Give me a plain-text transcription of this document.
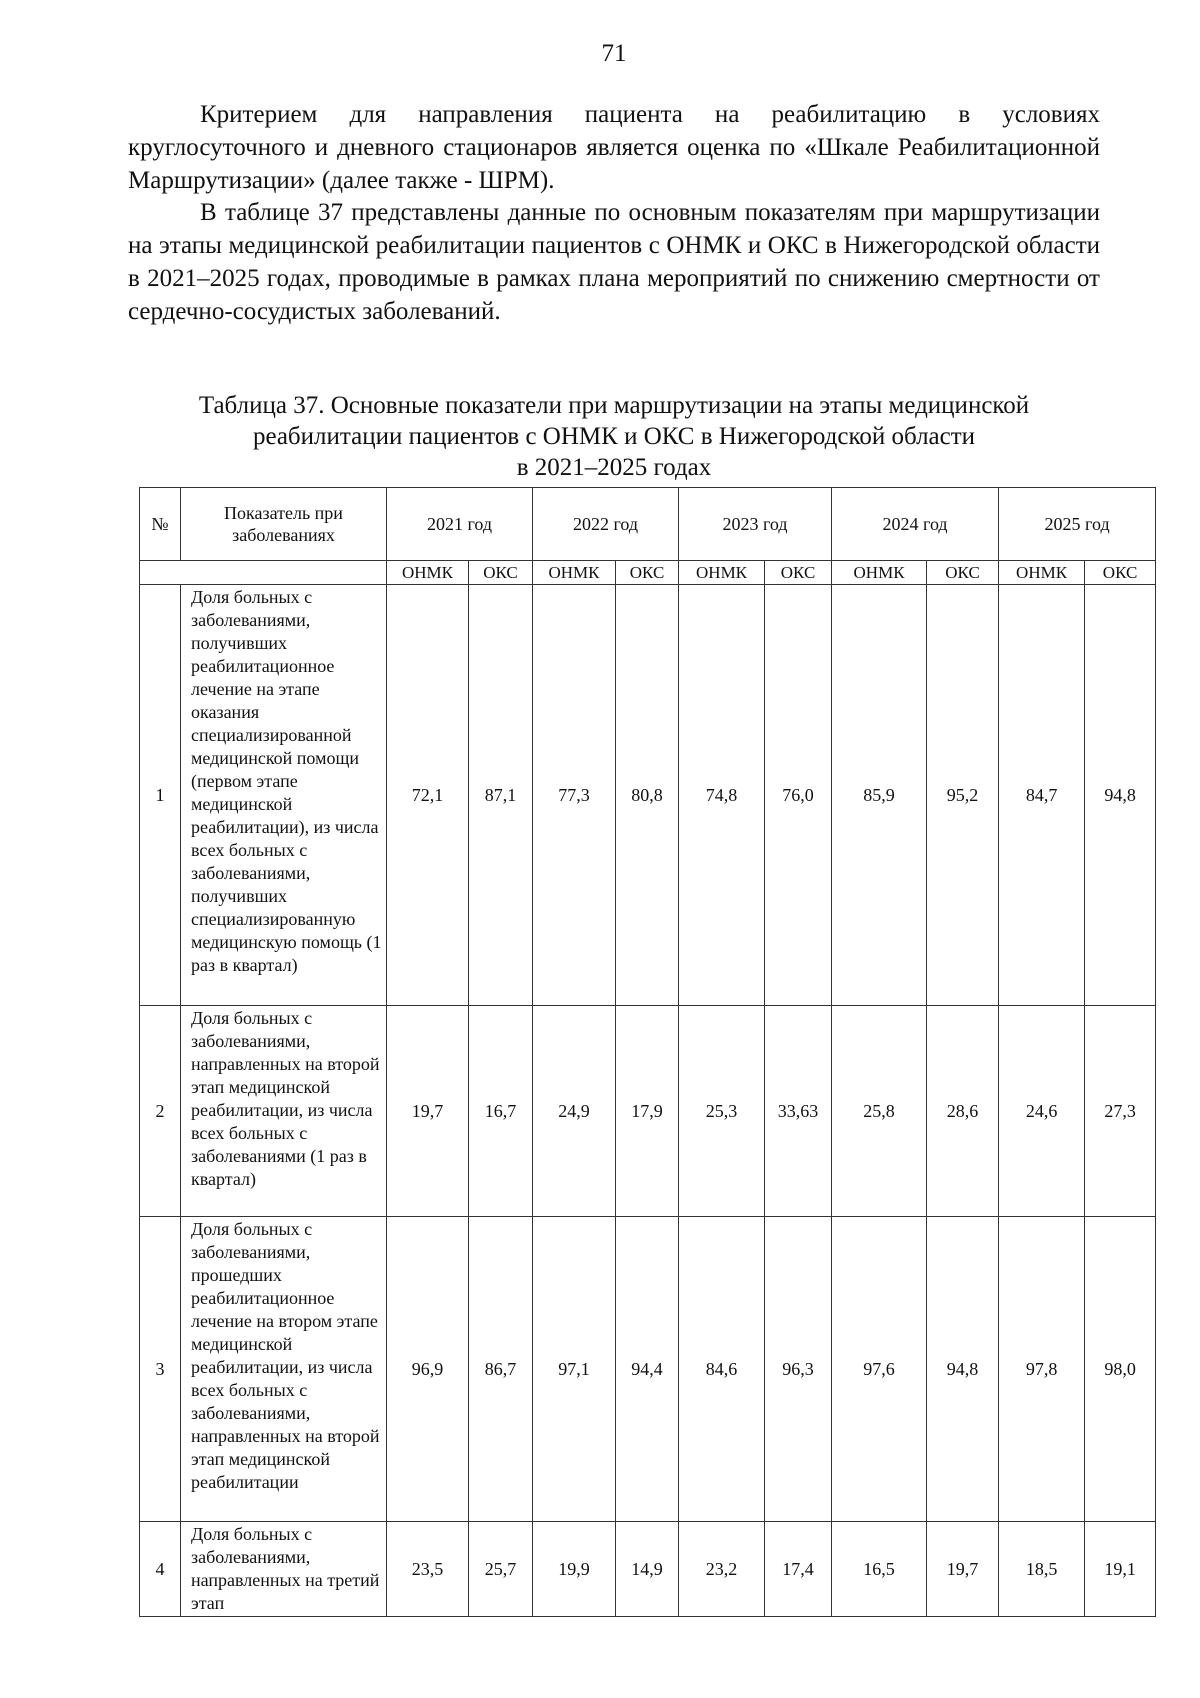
71
Критерием для направления пациента на реабилитацию в условиях круглосуточного и дневного стационаров является оценка по «Шкале Реабилитационной Маршрутизации» (далее также - ШРМ).
В таблице 37 представлены данные по основным показателям при маршрутизации на этапы медицинской реабилитации пациентов с ОНМК и ОКС в Нижегородской области в 2021–2025 годах, проводимые в рамках плана мероприятий по снижению смертности от сердечно-сосудистых заболеваний.
Таблица 37. Основные показатели при маршрутизации на этапы медицинской
реабилитации пациентов с ОНМК и ОКС в Нижегородской области
в 2021–2025 годах
№	Показатель при заболеваниях	2021 год		2022 год		2023 год		2024 год		2025 год	
		ОНМК	ОКС	ОНМК	ОКС	ОНМК	ОКС	ОНМК	ОКС	ОНМК	ОКС
1	Доля больных с заболеваниями, получивших реабилитационное лечение на этапе оказания специализированной медицинской помощи (первом этапе медицинской реабилитации), из числа всех больных с заболеваниями, получивших специализированную медицинскую помощь (1 раз в квартал)	72,1	87,1	77,3	80,8	74,8	76,0	85,9	95,2	84,7	94,8
2	Доля больных с заболеваниями, направленных на второй этап медицинской реабилитации, из числа всех больных с заболеваниями (1 раз в квартал)	19,7	16,7	24,9	17,9	25,3	33,63	25,8	28,6	24,6	27,3
3	Доля больных с заболеваниями, прошедших реабилитационное лечение на втором этапе медицинской реабилитации, из числа всех больных с заболеваниями, направленных на второй этап медицинской реабилитации	96,9	86,7	97,1	94,4	84,6	96,3	97,6	94,8	97,8	98,0
4	Доля больных с заболеваниями, направленных на третий этап	23,5	25,7	19,9	14,9	23,2	17,4	16,5	19,7	18,5	19,1
